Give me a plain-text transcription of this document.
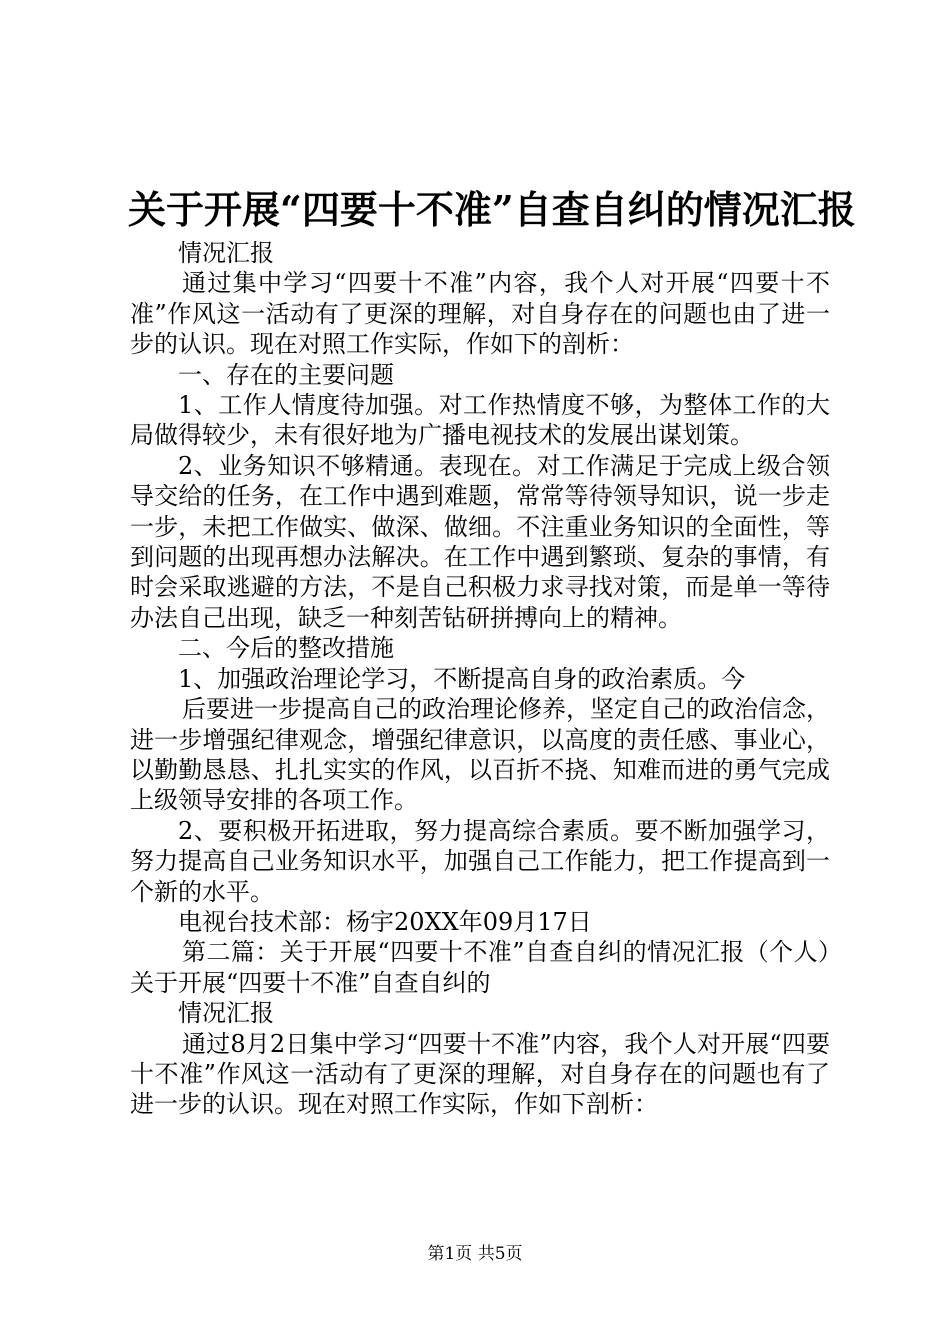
关于开展“四要十不准”自查自纠的情况汇报

情况汇报

通过集中学习“四要十不准”内容，我个人对开展“四要十不准”作风这一活动有了更深的理解，对自身存在的问题也由了进一步的认识。现在对照工作实际，作如下的剖析：

一、存在的主要问题

1、工作人情度待加强。对工作热情度不够，为整体工作的大局做得较少，未有很好地为广播电视技术的发展出谋划策。

2、业务知识不够精通。表现在。对工作满足于完成上级合领导交给的任务，在工作中遇到难题，常常等待领导知识，说一步走一步，未把工作做实、做深、做细。不注重业务知识的全面性，等到问题的出现再想办法解决。在工作中遇到繁琐、复杂的事情，有时会采取逃避的方法，不是自己积极力求寻找对策，而是单一等待办法自己出现，缺乏一种刻苦钻研拼搏向上的精神。

二、今后的整改措施

1、加强政治理论学习，不断提高自身的政治素质。今

后要进一步提高自己的政治理论修养，坚定自己的政治信念，进一步增强纪律观念，增强纪律意识，以高度的责任感、事业心，以勤勤恳恳、扎扎实实的作风，以百折不挠、知难而进的勇气完成上级领导安排的各项工作。

2、要积极开拓进取，努力提高综合素质。要不断加强学习，努力提高自己业务知识水平，加强自己工作能力，把工作提高到一个新的水平。

电视台技术部：杨宇20XX年09月17日

第二篇：关于开展“四要十不准”自查自纠的情况汇报（个人）关于开展“四要十不准”自查自纠的

情况汇报

通过8月2日集中学习“四要十不准”内容，我个人对开展“四要十不准”作风这一活动有了更深的理解，对自身存在的问题也有了进一步的认识。现在对照工作实际，作如下剖析：

第1页 共5页
